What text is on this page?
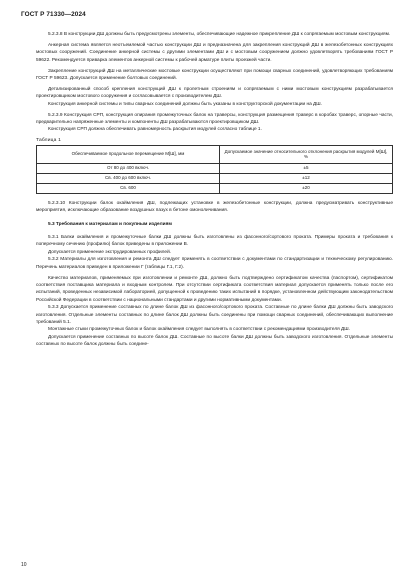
ГОСТ Р 71330—2024

5.2.3.8 В конструкции ДШ должны быть предусмотрены элементы, обеспечивающие надежное прикрепление ДШ к сопрягаемым мостовым конструкциям.

Анкерная система является неотъемлемой частью конструкции ДШ и предназначена для закрепления конструкций ДШ в железобетонных конструкциях мостовых сооружений. Соединение анкерной системы с другими элементами ДШ и с мостовым сооружением должно удовлетворять требованиям ГОСТ Р 59622. Рекомендуется приварка элементов анкерной системы к рабочей арматуре плиты проезжей части.

Закрепление конструкций ДШ на металлические мостовые конструкции осуществляют при помощи сварных соединений, удовлетворяющих требованиям ГОСТ Р 59623. Допускается применение болтовых соединений.

Детализированный способ крепления конструкций ДШ к пролетным строениям и сопрягаемым с ними мостовым конструкциям разрабатывается проектировщиком мостового сооружения и согласовывается с производителем ДШ.

Конструкция анкерной системы и типы сварных соединений должны быть указаны в конструкторской документации на ДШ.

5.2.3.9 Конструкция СРП, конструкция опирания промежуточных балок на траверсы, конструкция размещения траверс в коробах траверс, опорные части, предварительно напряженные элементы и компоненты ДШ разрабатываются проектировщиком ДШ.

Конструкция СРП должна обеспечивать равномерность раскрытия модулей согласно таблице 1.

Таблица 1
Обеспечиваемое продольное перемещение M[Ш], мм	Допускаемое значение относительного отклонения раскрытия модулей M[Ш], %
От 80 до 400 включ.	±5
Св. 400 до 600 включ.	±12
Св. 600	±20

5.2.3.10 Конструкции балок окаймления ДШ, подлежащих установке в железобетонные конструкции, должна предусматривать конструктивные мероприятия, исключающие образование воздушных пазух в бетоне омоноличивания.

5.3 Требования к материалам и покупным изделиям

5.3.1 Балки окаймления и промежуточные балки ДШ должны быть изготовлены из фасонного/сортового проката. Примеры проката и требования к поперечному сечению (профилю) балок приведены в приложении В.

Допускается применение экструдированных профилей.

5.3.2 Материалы для изготовления и ремонта ДШ следует применять в соответствии с документами по стандартизации и техническому регулированию. Перечень материалов приведен в приложении Г (таблицы Г.1, Г.2).

Качество материалов, применяемых при изготовлении и ремонте ДШ, должно быть подтверждено сертификатом качества (паспортом), сертификатом соответствия поставщика материала и входным контролем. При отсутствии сертификата соответствия материал допускается применять только после его испытаний, проведенных независимой лабораторией, допущенной к проведению таких испытаний в порядке, установленном действующим законодательством Российской Федерации в соответствии с национальными стандартами и другими нормативными документами.

5.3.3 Допускается применение составных по длине балок ДШ из фасонного/сортового проката. Составные по длине балки ДШ должны быть заводского изготовления. Отдельные элементы составных по длине балок ДШ должны быть соединены при помощи сварных соединений, обеспечивающих выполнение требований 5.1.

Монтажные стыки промежуточных балок и балок окаймления следует выполнять в соответствии с рекомендациями производителя ДШ.

Допускается применение составных по высоте балок ДШ. Составные по высоте балки ДШ должны быть заводского изготовления. Отдельные элементы составных по высоте балок должны быть соедине-

10
